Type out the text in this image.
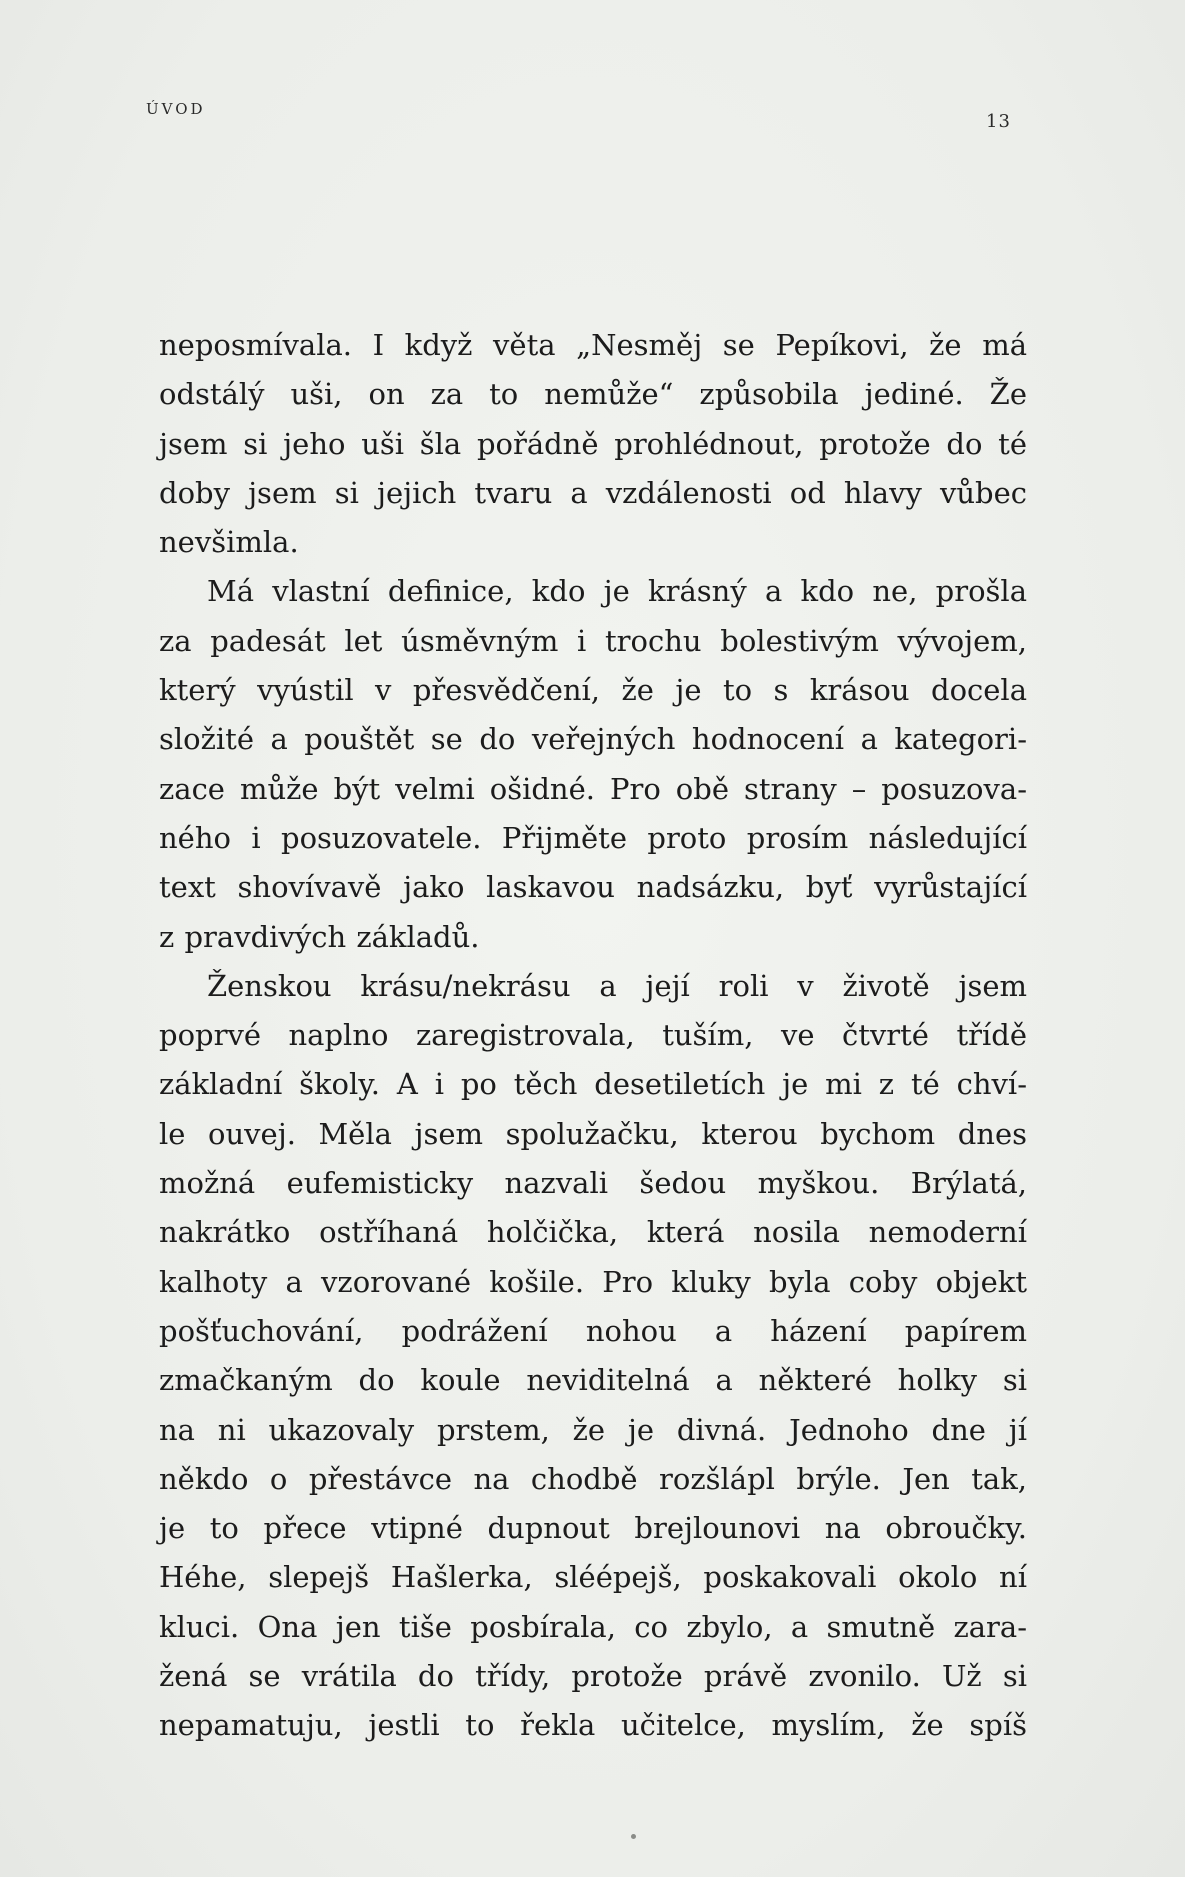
ÚVOD
13
neposmívala. I když věta „Nesměj se Pepíkovi, že má
odstálý uši, on za to nemůže“ způsobila jediné. Že
jsem si jeho uši šla pořádně prohlédnout, protože do té
doby jsem si jejich tvaru a vzdálenosti od hlavy vůbec
nevšimla.
Má vlastní definice, kdo je krásný a kdo ne, prošla
za padesát let úsměvným i trochu bolestivým vývojem,
který vyústil v přesvědčení, že je to s krásou docela
složité a pouštět se do veřejných hodnocení a kategori-
zace může být velmi ošidné. Pro obě strany – posuzova-
ného i posuzovatele. Přijměte proto prosím následující
text shovívavě jako laskavou nadsázku, byť vyrůstající
z pravdivých základů.
Ženskou krásu/nekrásu a její roli v životě jsem
poprvé naplno zaregistrovala, tuším, ve čtvrté třídě
základní školy. A i po těch desetiletích je mi z té chví-
le ouvej. Měla jsem spolužačku, kterou bychom dnes
možná eufemisticky nazvali šedou myškou. Brýlatá,
nakrátko ostříhaná holčička, která nosila nemoderní
kalhoty a vzorované košile. Pro kluky byla coby objekt
pošťuchování, podrážení nohou a házení papírem
zmačkaným do koule neviditelná a některé holky si
na ni ukazovaly prstem, že je divná. Jednoho dne jí
někdo o přestávce na chodbě rozšlápl brýle. Jen tak,
je to přece vtipné dupnout brejlounovi na obroučky.
Héhe, slepejš Hašlerka, sléépejš, poskakovali okolo ní
kluci. Ona jen tiše posbírala, co zbylo, a smutně zara-
žená se vrátila do třídy, protože právě zvonilo. Už si
nepamatuju, jestli to řekla učitelce, myslím, že spíš
